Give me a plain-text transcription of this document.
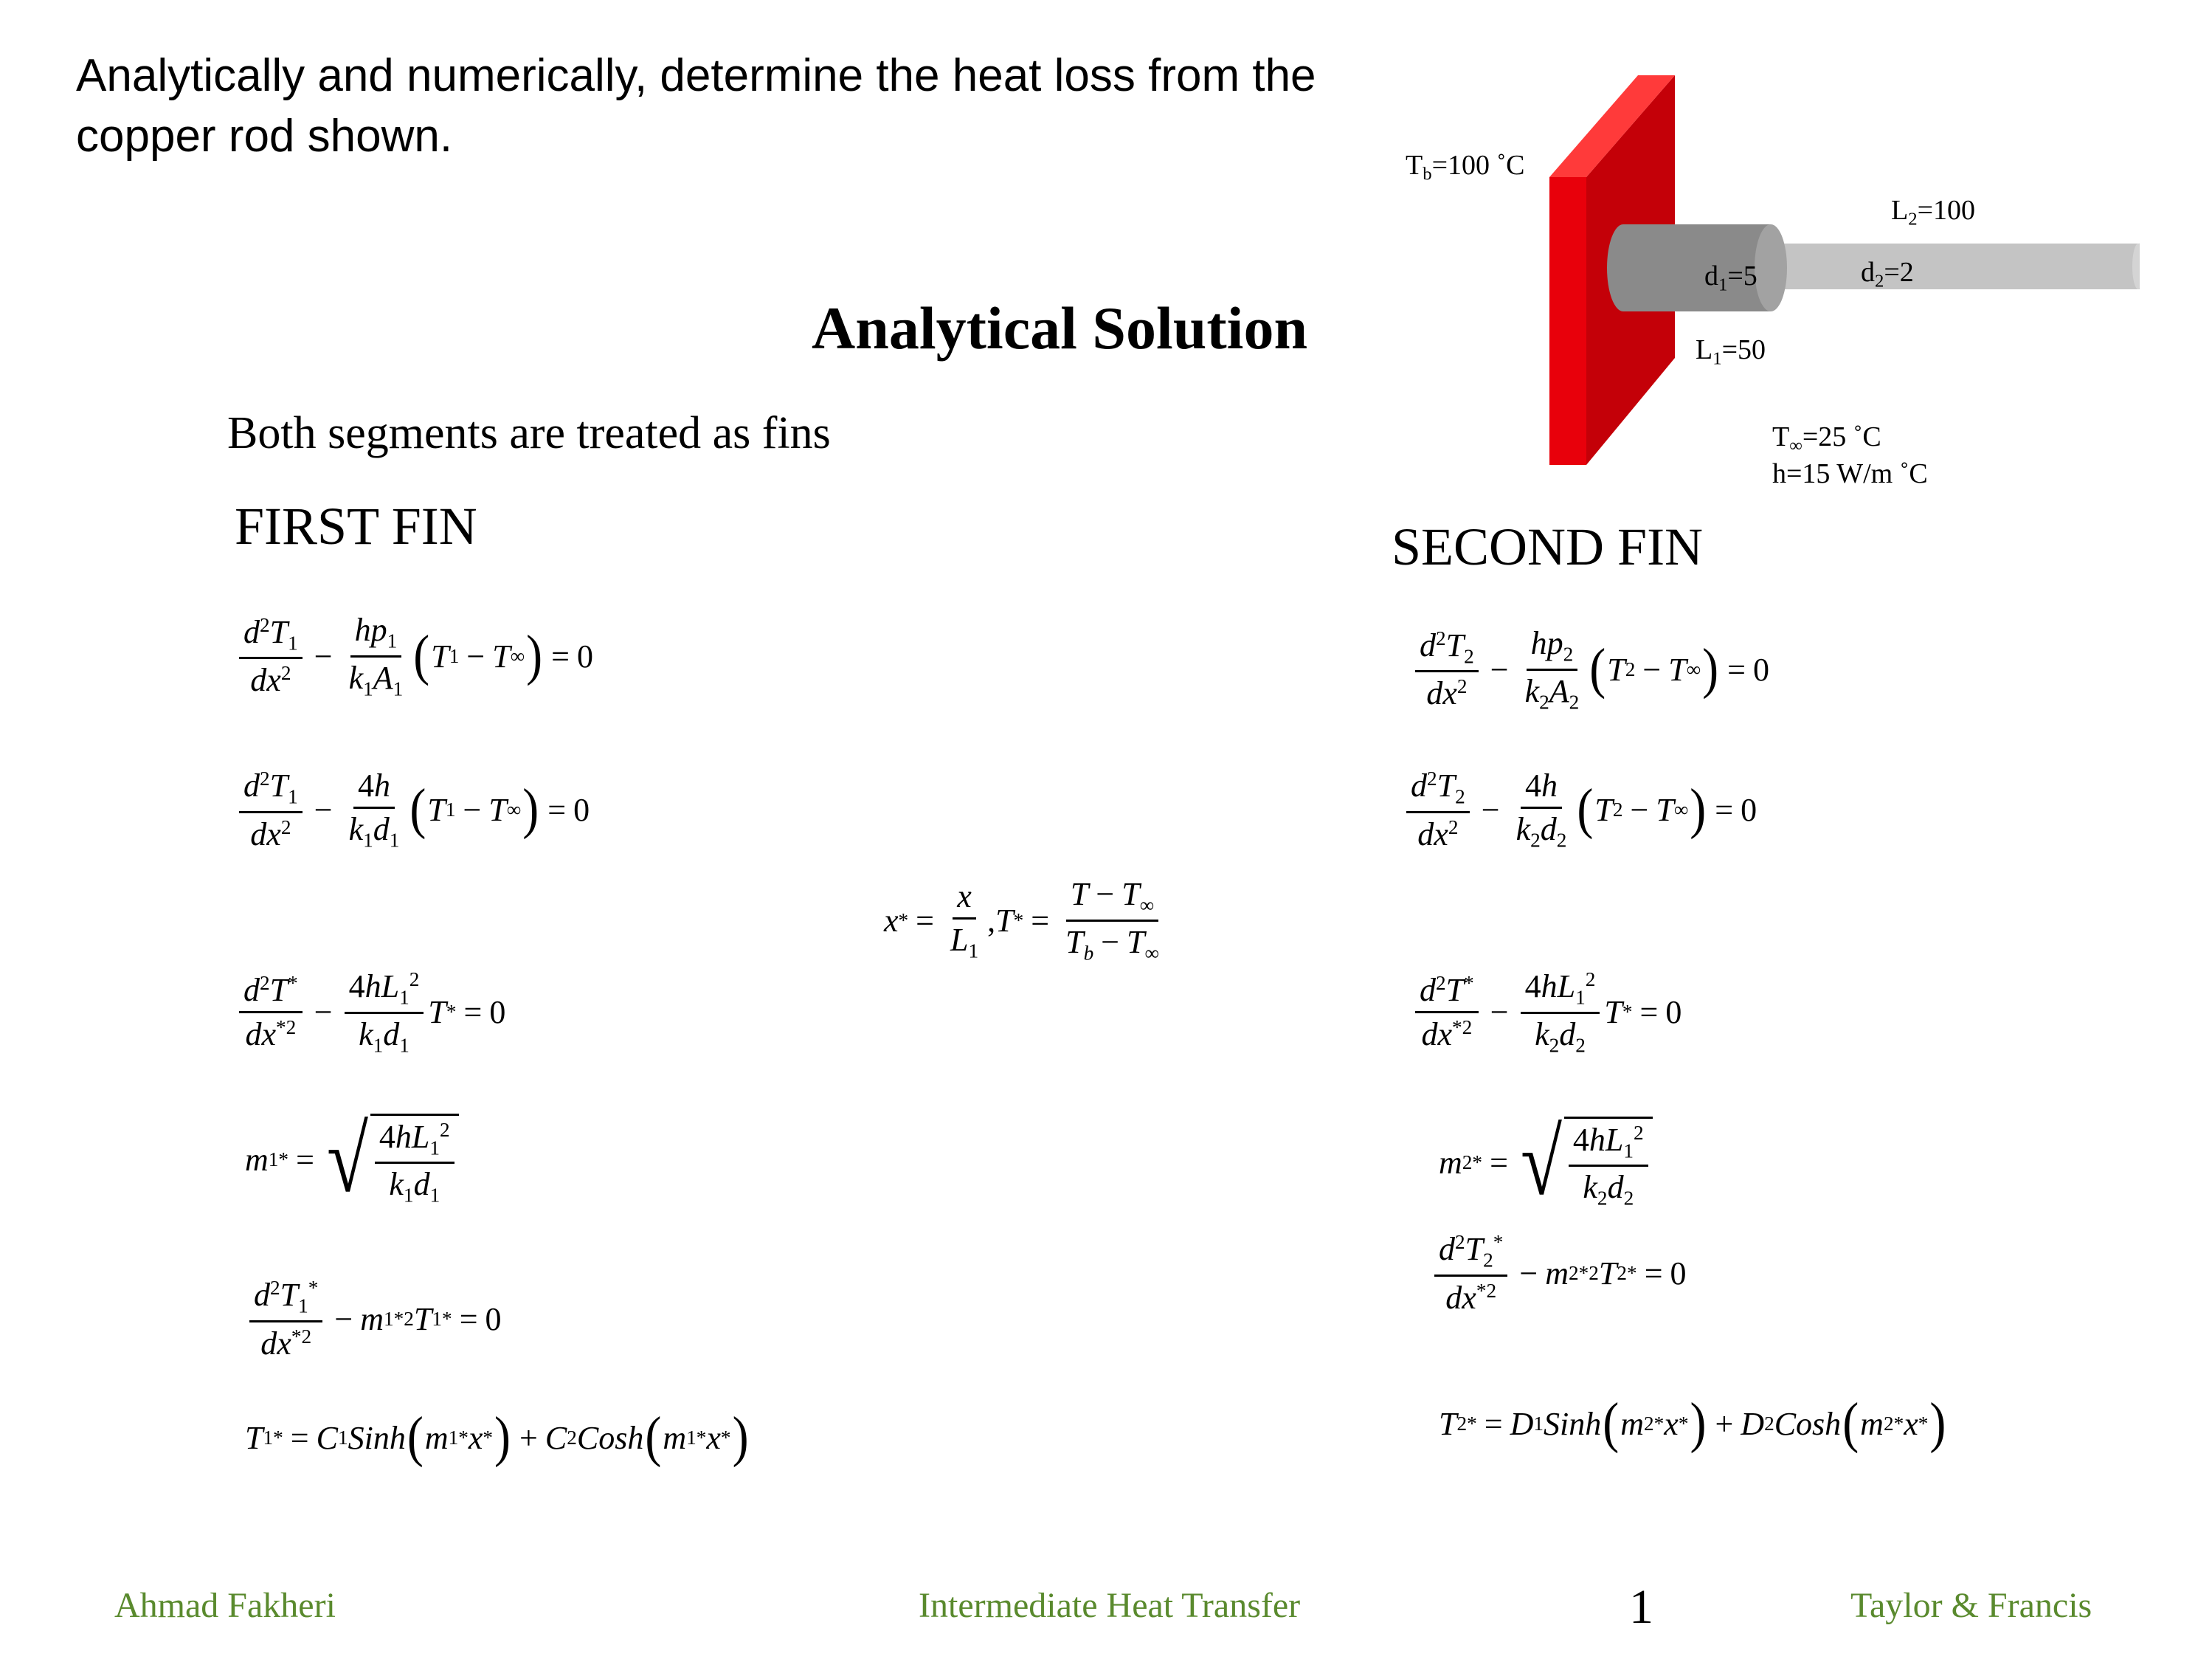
Analytically and numerically, determine the heat loss from the copper rod shown.
$T_b=100$ ˚C
$L_2=100$
$d_1=5$	$d_2=2$
$L_1=50$
$T_\infty=25$ ˚C
h=15 W/m ˚C
Analytical Solution
Both segments are treated as fins
FIRST FIN	SECOND FIN
$\frac{d^2T_1}{dx^2} - \frac{hp_1}{k_1A_1}$ ( T 1 − T ∞ ) = 0
$\frac{d^2T_1}{dx^2} - \frac{4h}{k_1d_1}$ ( T 1 − T ∞ ) = 0
$\frac{d^2T^*}{dx^{*2}} - \frac{4hL_1^2}{k_1d_1}$ T * = 0
m 1 * = √ $\frac{4hL_1^2}{k_1d_1}$
$\frac{d^2T_1^*}{dx^{*2}} - m$ 1 *2 T 1 * = 0
T 1 * = C 1 Sinh ( m 1 * x * ) + C 2 Cosh ( m 1 * x * )
x * = $\frac{x}{L_1}$ , T * = $\frac{T - T_\infty}{T_b - T_\infty}$
$\frac{d^2T_2}{dx^2} - \frac{hp_2}{k_2A_2}$ ( T 2 − T ∞ ) = 0
$\frac{d^2T_2}{dx^2} - \frac{4h}{k_2d_2}$ ( T 2 − T ∞ ) = 0
$\frac{d^2T^*}{dx^{*2}} - \frac{4hL_1^2}{k_2d_2}$ T * = 0
m 2 * = √ $\frac{4hL_1^2}{k_2d_2}$
$\frac{d^2T_2^*}{dx^{*2}} - m$ 2 *2 T 2 * = 0
T 2 * = D 1 Sinh ( m 2 * x * ) + D 2 Cosh ( m 2 * x * )
Ahmad Fakheri	Intermediate Heat Transfer	1	Taylor & Francis
